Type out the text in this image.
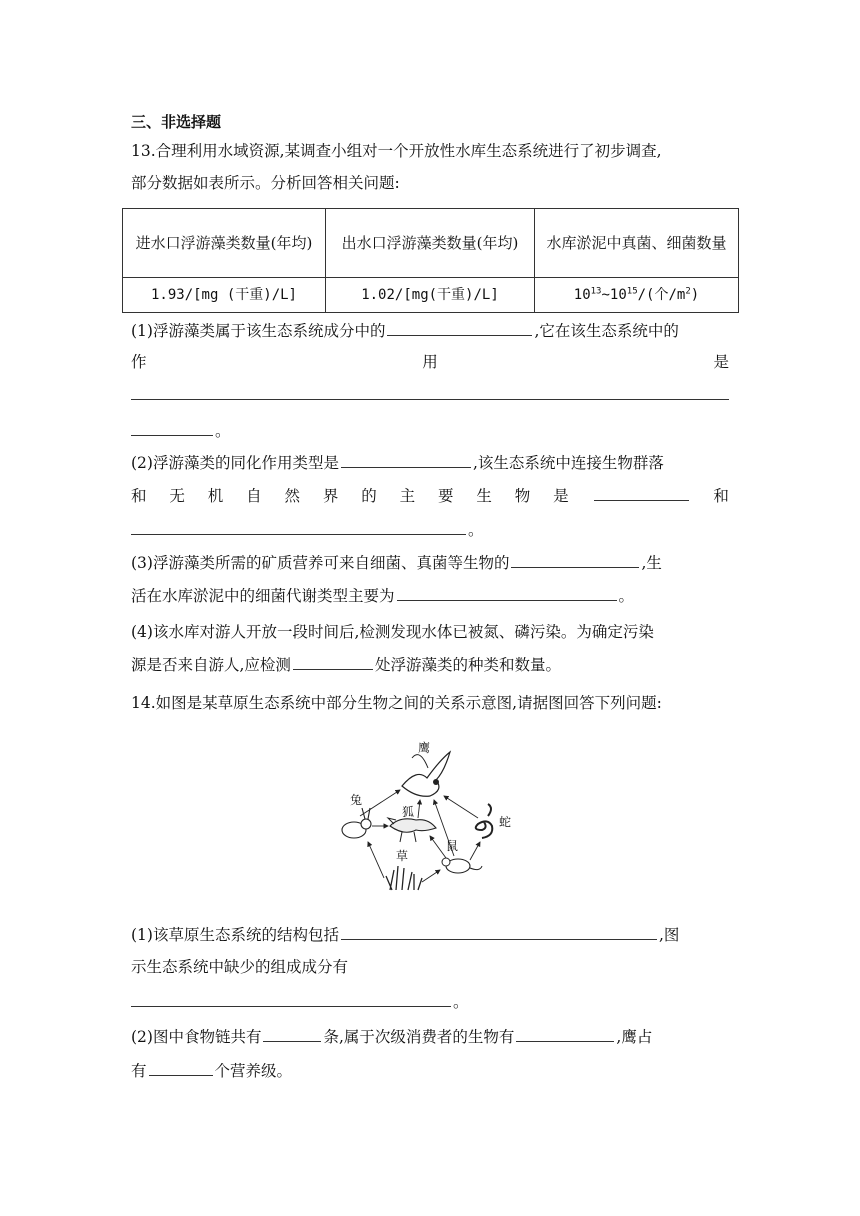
三、非选择题
13.合理利用水域资源,某调查小组对一个开放性水库生态系统进行了初步调查,
部分数据如表所示。分析回答相关问题:
进水口浮游藻类数量(年均)	出水口浮游藻类数量(年均)	水库淤泥中真菌、细菌数量
1.93/[mg (干重)/L]	1.02/[mg(干重)/L]	$10^{13}\sim 10^{15}/$(个$/m^2$)
(1)浮游藻类属于该生态系统成分中的	,它在该生态系统中的
作	用	是
。
(2)浮游藻类的同化作用类型是	,该生态系统中连接生物群落
和 无 机 自 然 界 的 主 要 生 物 是	和
。
(3)浮游藻类所需的矿质营养可来自细菌、真菌等生物的	,生
活在水库淤泥中的细菌代谢类型主要为	。
(4)该水库对游人开放一段时间后,检测发现水体已被氮、磷污染。为确定污染
源是否来自游人,应检测	处浮游藻类的种类和数量。
14.如图是某草原生态系统中部分生物之间的关系示意图,请据图回答下列问题:
鹰
兔
狐
蛇
鼠
草
(1)该草原生态系统的结构包括	,图
示生态系统中缺少的组成成分有
。
(2)图中食物链共有	条,属于次级消费者的生物有	,鹰占
有	个营养级。
